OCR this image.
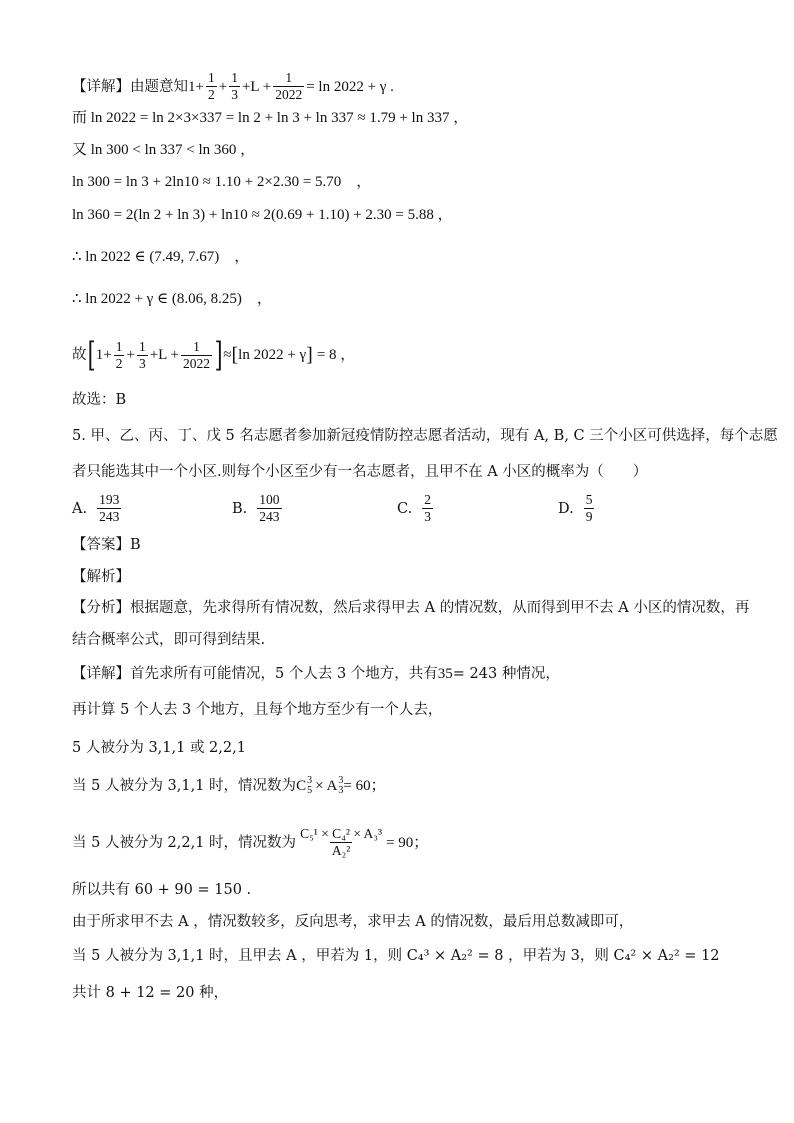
【详解】 由题意知 $1+ \frac{1}{2} + \frac{1}{3} +L + \frac{1}{2022} = \ln 2022 + \gamma$ .
而 ln 2022 = ln 2×3×337 = ln 2 + ln 3 + ln 337 ≈ 1.79 + ln 337 ，
又 ln 300 < ln 337 < ln 360 ，
ln 300 = ln 3 + 2ln10 ≈ 1.10 + 2×2.30 = 5.70　，
ln 360 = 2(ln 2 + ln 3) + ln10 ≈ 2(0.69 + 1.10) + 2.30 = 5.88 ，
∴ ln 2022 ∈ (7.49, 7.67)　，
∴ ln 2022 + γ ∈ (8.06, 8.25)　，
故 [ $1+ \frac{1}{2} + \frac{1}{3} +L + \frac{1}{2022}$ ] ≈ [ ln 2022 + γ ] = 8 ，
故选：B
5. 甲、乙、丙、丁、戊 5 名志愿者参加新冠疫情防控志愿者活动，现有 A, B, C 三个小区可供选择，每个志愿
者只能选其中一个小区.则每个小区至少有一名志愿者，且甲不在 A 小区的概率为（　　）
A. $\frac{193}{243}$	B. $\frac{100}{243}$	C. $\frac{2}{3}$	D. $\frac{5}{9}$
【答案】 B
【解析】
【分析】 根据题意，先求得所有情况数，然后求得甲去 A 的情况数，从而得到甲不去 A 小区的情况数，再
结合概率公式，即可得到结果.
【详解】 首先求所有可能情况，5 个人去 3 个地方，共有 3 5 = 243 种情况，
再计算 5 个人去 3 个地方，且每个地方至少有一个人去，
5 人被分为 3,1,1 或 2,2,1
当 5 人被分为 3,1,1 时，情况数为 C 3
5 × A 3
3 = 60；
当 5 人被分为 2,2,1 时，情况数为 $\frac{\text{C₅¹ × C₄² × A₃³}}{\text{A₂²}} = 90$；
所以共有 60 + 90 = 150 .
由于所求甲不去 A ，情况数较多，反向思考，求甲去 A 的情况数，最后用总数减即可，
当 5 人被分为 3,1,1 时，且甲去 A ，甲若为 1，则 C₄³ × A₂² = 8 ，甲若为 3，则 C₄² × A₂² = 12
共计 8 + 12 = 20 种，
